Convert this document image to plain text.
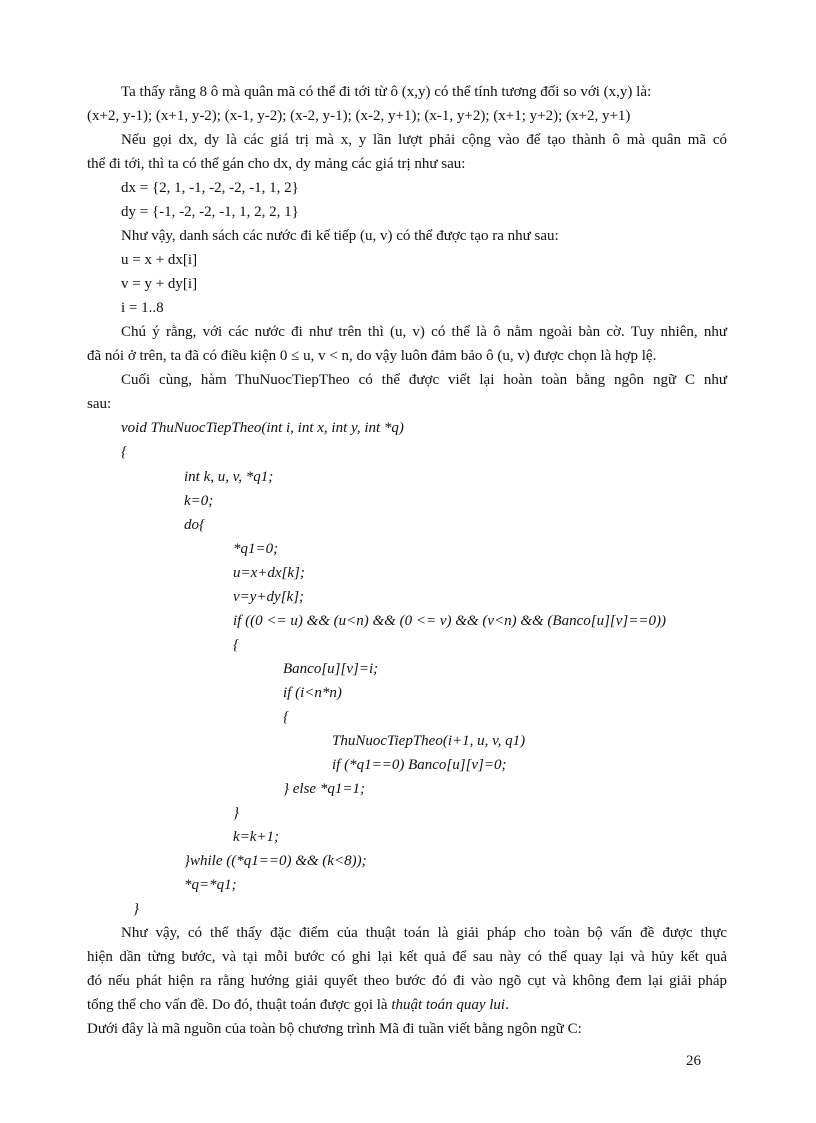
Ta thấy rằng 8 ô mà quân mã có thể đi tới từ ô (x,y) có thể tính tương đối so với (x,y) là:
(x+2, y-1); (x+1, y-2); (x-1, y-2); (x-2, y-1); (x-2, y+1); (x-1, y+2); (x+1; y+2); (x+2, y+1)
Nếu gọi dx, dy là các giá trị mà x, y lần lượt phải cộng vào để tạo thành ô mà quân mã có
thể đi tới, thì ta có thể gán cho dx, dy mảng các giá trị như sau:
dx = {2, 1, -1, -2, -2, -1, 1, 2}
dy = {-1, -2, -2, -1, 1, 2, 2, 1}
Như vậy, danh sách các nước đi kế tiếp (u, v) có thể được tạo ra như sau:
u = x + dx[i]
v = y + dy[i]
i = 1..8
Chú ý rằng, với các nước đi như trên thì (u, v) có thể là ô nằm ngoài bàn cờ. Tuy nhiên, như
đã nói ở trên, ta đã có điều kiện 0 ≤ u, v < n, do vậy luôn đảm bảo ô (u, v) được chọn là hợp lệ.
Cuối cùng, hàm ThuNuocTiepTheo có thể được viết lại hoàn toàn bằng ngôn ngữ C như
sau:
void ThuNuocTiepTheo(int i, int x, int y, int *q)
{
int k, u, v, *q1;
k=0;
do{
*q1=0;
u=x+dx[k];
v=y+dy[k];
if ((0 <= u) && (u<n) && (0 <= v) && (v<n) && (Banco[u][v]==0))
{
Banco[u][v]=i;
if (i<n*n)
{
ThuNuocTiepTheo(i+1, u, v, q1)
if (*q1==0) Banco[u][v]=0;
} else *q1=1;
}
k=k+1;
}while ((*q1==0) && (k<8));
*q=*q1;
}
Như vậy, có thể thấy đặc điểm của thuật toán là giải pháp cho toàn bộ vấn đề được thực
hiện dần từng bước, và tại mỗi bước có ghi lại kết quả để sau này có thể quay lại và hủy kết quả
đó nếu phát hiện ra rằng hướng giải quyết theo bước đó đi vào ngõ cụt và không đem lại giải pháp
tổng thể cho vấn đề. Do đó, thuật toán được gọi là thuật toán quay lui.
Dưới đây là mã nguồn của toàn bộ chương trình Mã đi tuần viết bằng ngôn ngữ C:
26
